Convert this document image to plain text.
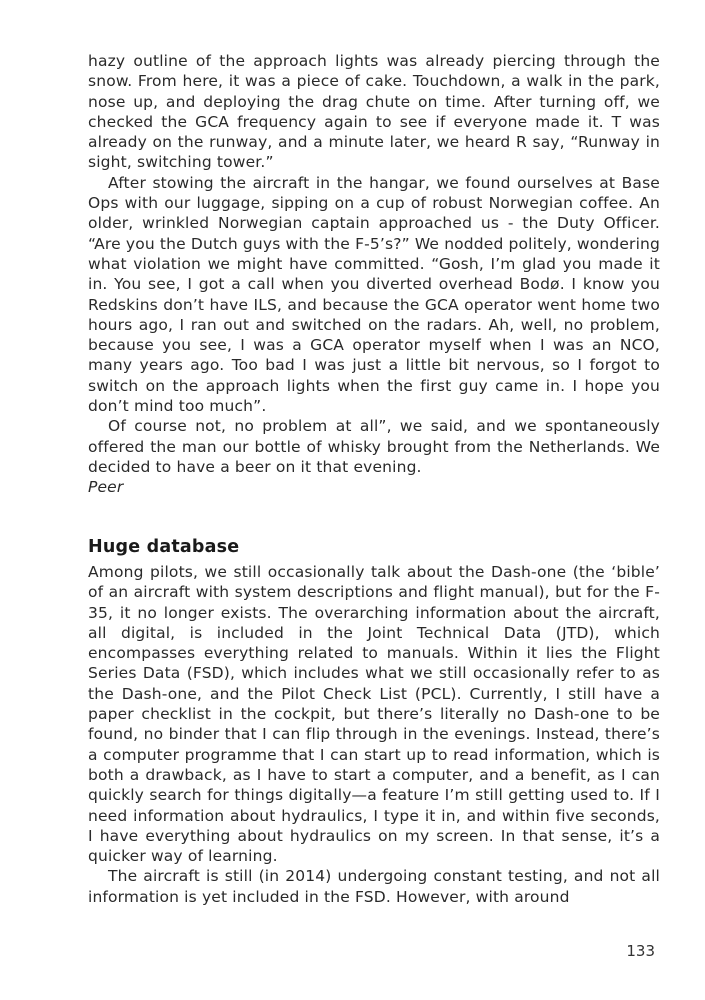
hazy outline of the approach lights was already piercing through the snow. From here, it was a piece of cake. Touchdown, a walk in the park, nose up, and deploying the drag chute on time. After turning off, we checked the GCA frequency again to see if everyone made it. T was already on the runway, and a minute later, we heard R say, “Runway in sight, switching tower.”

After stowing the aircraft in the hangar, we found ourselves at Base Ops with our luggage, sipping on a cup of robust Norwegian coffee. An older, wrinkled Norwegian captain approached us - the Duty Officer. “Are you the Dutch guys with the F-5’s?” We nodded politely, wondering what violation we might have committed. “Gosh, I’m glad you made it in. You see, I got a call when you diverted overhead Bodø. I know you Redskins don’t have ILS, and because the GCA operator went home two hours ago, I ran out and switched on the radars. Ah, well, no problem, because you see, I was a GCA operator myself when I was an NCO, many years ago. Too bad I was just a little bit nervous, so I forgot to switch on the approach lights when the first guy came in. I hope you don’t mind too much”.

Of course not, no problem at all”, we said, and we spontaneously offered the man our bottle of whisky brought from the Netherlands. We decided to have a beer on it that evening.

Peer

Huge database

Among pilots, we still occasionally talk about the Dash-one (the ‘bible’ of an aircraft with system descriptions and flight manual), but for the F-35, it no longer exists. The overarching information about the aircraft, all digital, is included in the Joint Technical Data (JTD), which encompasses everything related to manuals. Within it lies the Flight Series Data (FSD), which includes what we still occasionally refer to as the Dash-one, and the Pilot Check List (PCL). Currently, I still have a paper checklist in the cockpit, but there’s literally no Dash-one to be found, no binder that I can flip through in the evenings. Instead, there’s a computer programme that I can start up to read information, which is both a drawback, as I have to start a computer, and a benefit, as I can quickly search for things digitally—a feature I’m still getting used to. If I need information about hydraulics, I type it in, and within five seconds, I have everything about hydraulics on my screen. In that sense, it’s a quicker way of learning.

The aircraft is still (in 2014) undergoing constant testing, and not all information is yet included in the FSD. However, with around

133
